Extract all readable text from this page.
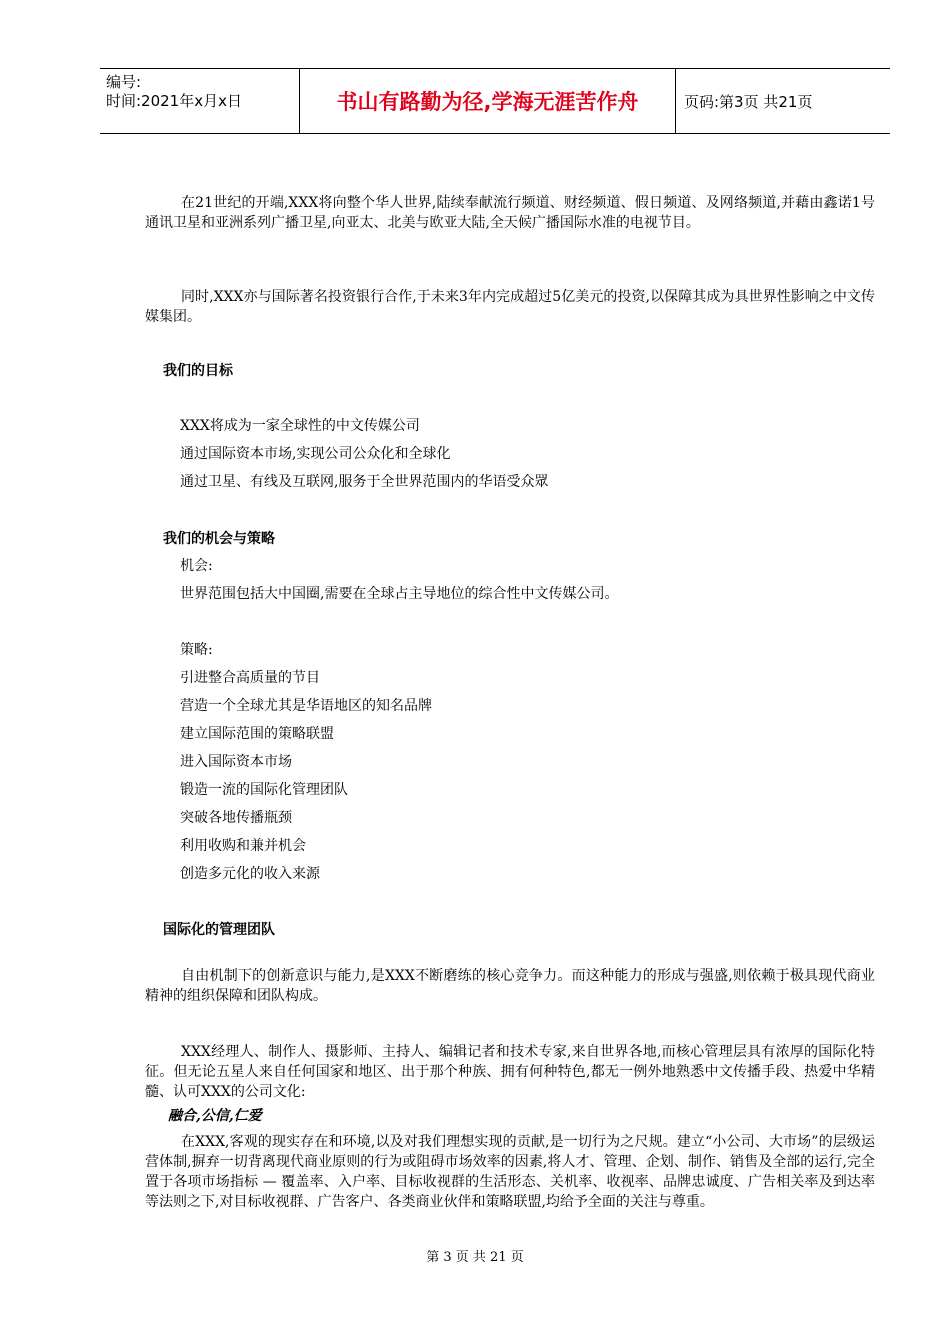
编号:
时间:2021年x月x日	书山有路勤为径,学海无涯苦作舟	页码:第3页 共21页

在21世纪的开端,XXX将向整个华人世界,陆续奉献流行频道、财经频道、假日频道、及网络频道,并藉由鑫诺1号通讯卫星和亚洲系列广播卫星,向亚太、北美与欧亚大陆,全天候广播国际水准的电视节目。

同时,XXX亦与国际著名投资银行合作,于未来3年内完成超过5亿美元的投资,以保障其成为具世界性影响之中文传媒集团。

我们的目标

XXX将成为一家全球性的中文传媒公司

通过国际资本市场,实现公司公众化和全球化

通过卫星、有线及互联网,服务于全世界范围内的华语受众眾

我们的机会与策略

机会:

世界范围包括大中国圈,需要在全球占主导地位的综合性中文传媒公司。

策略:

引进整合高质量的节目

营造一个全球尤其是华语地区的知名品牌

建立国际范围的策略联盟

进入国际资本市场

锻造一流的国际化管理团队

突破各地传播瓶颈

利用收购和兼并机会

创造多元化的收入来源

国际化的管理团队

自由机制下的创新意识与能力,是XXX不断磨练的核心竞争力。而这种能力的形成与强盛,则依赖于极具现代商业精神的组织保障和团队构成。

XXX经理人、制作人、摄影师、主持人、编辑记者和技术专家,来自世界各地,而核心管理层具有浓厚的国际化特征。但无论五星人来自任何国家和地区、出于那个种族、拥有何种特色,都无一例外地熟悉中文传播手段、热爱中华精髓、认可XXX的公司文化:

融合,公信,仁爱

在XXX,客观的现实存在和环境,以及对我们理想实现的贡献,是一切行为之尺规。建立“小公司、大市场”的层级运营体制,摒弃一切背离现代商业原则的行为或阻碍市场效率的因素,将人才、管理、企划、制作、销售及全部的运行,完全置于各项市场指标 — 覆盖率、入户率、目标收视群的生活形态、关机率、收视率、品牌忠诚度、广告相关率及到达率等法则之下,对目标收视群、广告客户、各类商业伙伴和策略联盟,均给予全面的关注与尊重。

第 3 页 共 21 页
